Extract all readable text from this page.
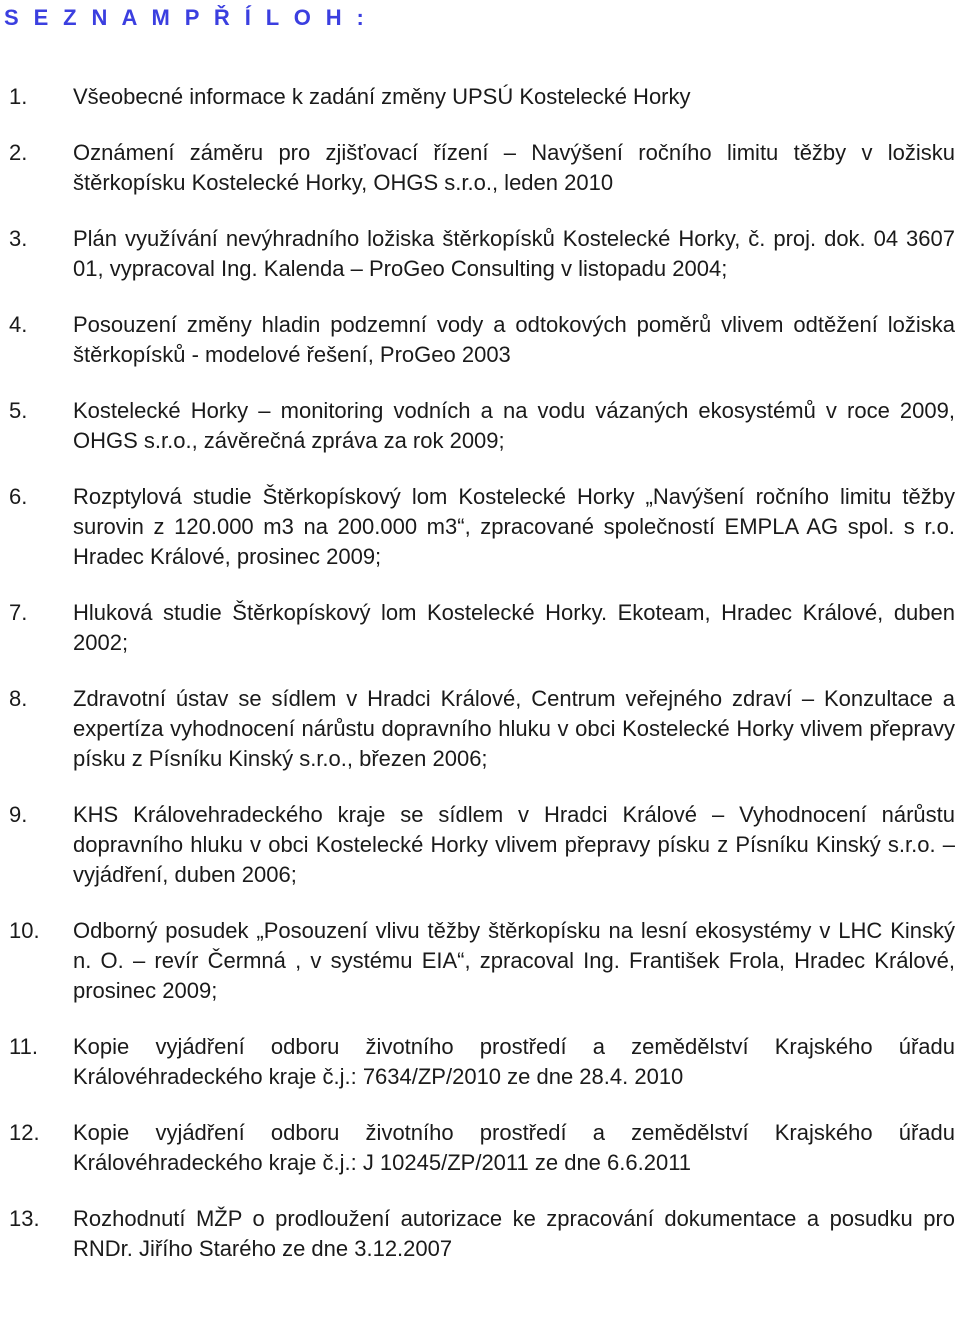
S E Z N A M P Ř Í L O H :
1. Všeobecné informace k zadání změny UPSÚ Kostelecké Horky
2. Oznámení záměru pro zjišťovací řízení – Navýšení ročního limitu těžby v ložisku štěrkopísku Kostelecké Horky, OHGS s.r.o., leden 2010
3. Plán využívání nevýhradního ložiska štěrkopísků Kostelecké Horky, č. proj. dok. 04 3607 01, vypracoval Ing. Kalenda – ProGeo Consulting v listopadu 2004;
4. Posouzení změny hladin podzemní vody a odtokových poměrů vlivem odtěžení ložiska štěrkopísků - modelové řešení, ProGeo 2003
5. Kostelecké Horky – monitoring vodních a na vodu vázaných ekosystémů v roce 2009, OHGS s.r.o., závěrečná zpráva za rok 2009;
6. Rozptylová studie Štěrkopískový lom Kostelecké Horky „Navýšení ročního limitu těžby surovin z 120.000 m3 na 200.000 m3“, zpracované společností EMPLA AG spol. s r.o. Hradec Králové, prosinec 2009;
7. Hluková studie Štěrkopískový lom Kostelecké Horky. Ekoteam, Hradec Králové, duben 2002;
8. Zdravotní ústav se sídlem v Hradci Králové, Centrum veřejného zdraví – Konzultace a expertíza vyhodnocení nárůstu dopravního hluku v obci Kostelecké Horky vlivem přepravy písku z Písníku Kinský s.r.o., březen 2006;
9. KHS Královehradeckého kraje se sídlem v Hradci Králové – Vyhodnocení nárůstu dopravního hluku v obci Kostelecké Horky vlivem přepravy písku z Písníku Kinský s.r.o. – vyjádření, duben 2006;
10. Odborný posudek „Posouzení vlivu těžby štěrkopísku na lesní ekosystémy v LHC Kinský n. O. – revír Čermná , v systému EIA“, zpracoval Ing. František Frola, Hradec Králové, prosinec 2009;
11. Kopie vyjádření odboru životního prostředí a zemědělství Krajského úřadu Královéhradeckého kraje č.j.: 7634/ZP/2010 ze dne 28.4. 2010
12. Kopie vyjádření odboru životního prostředí a zemědělství Krajského úřadu Královéhradeckého kraje č.j.: J 10245/ZP/2011 ze dne 6.6.2011
13. Rozhodnutí MŽP o prodloužení autorizace ke zpracování dokumentace a posudku pro RNDr. Jiřího Starého ze dne 3.12.2007
